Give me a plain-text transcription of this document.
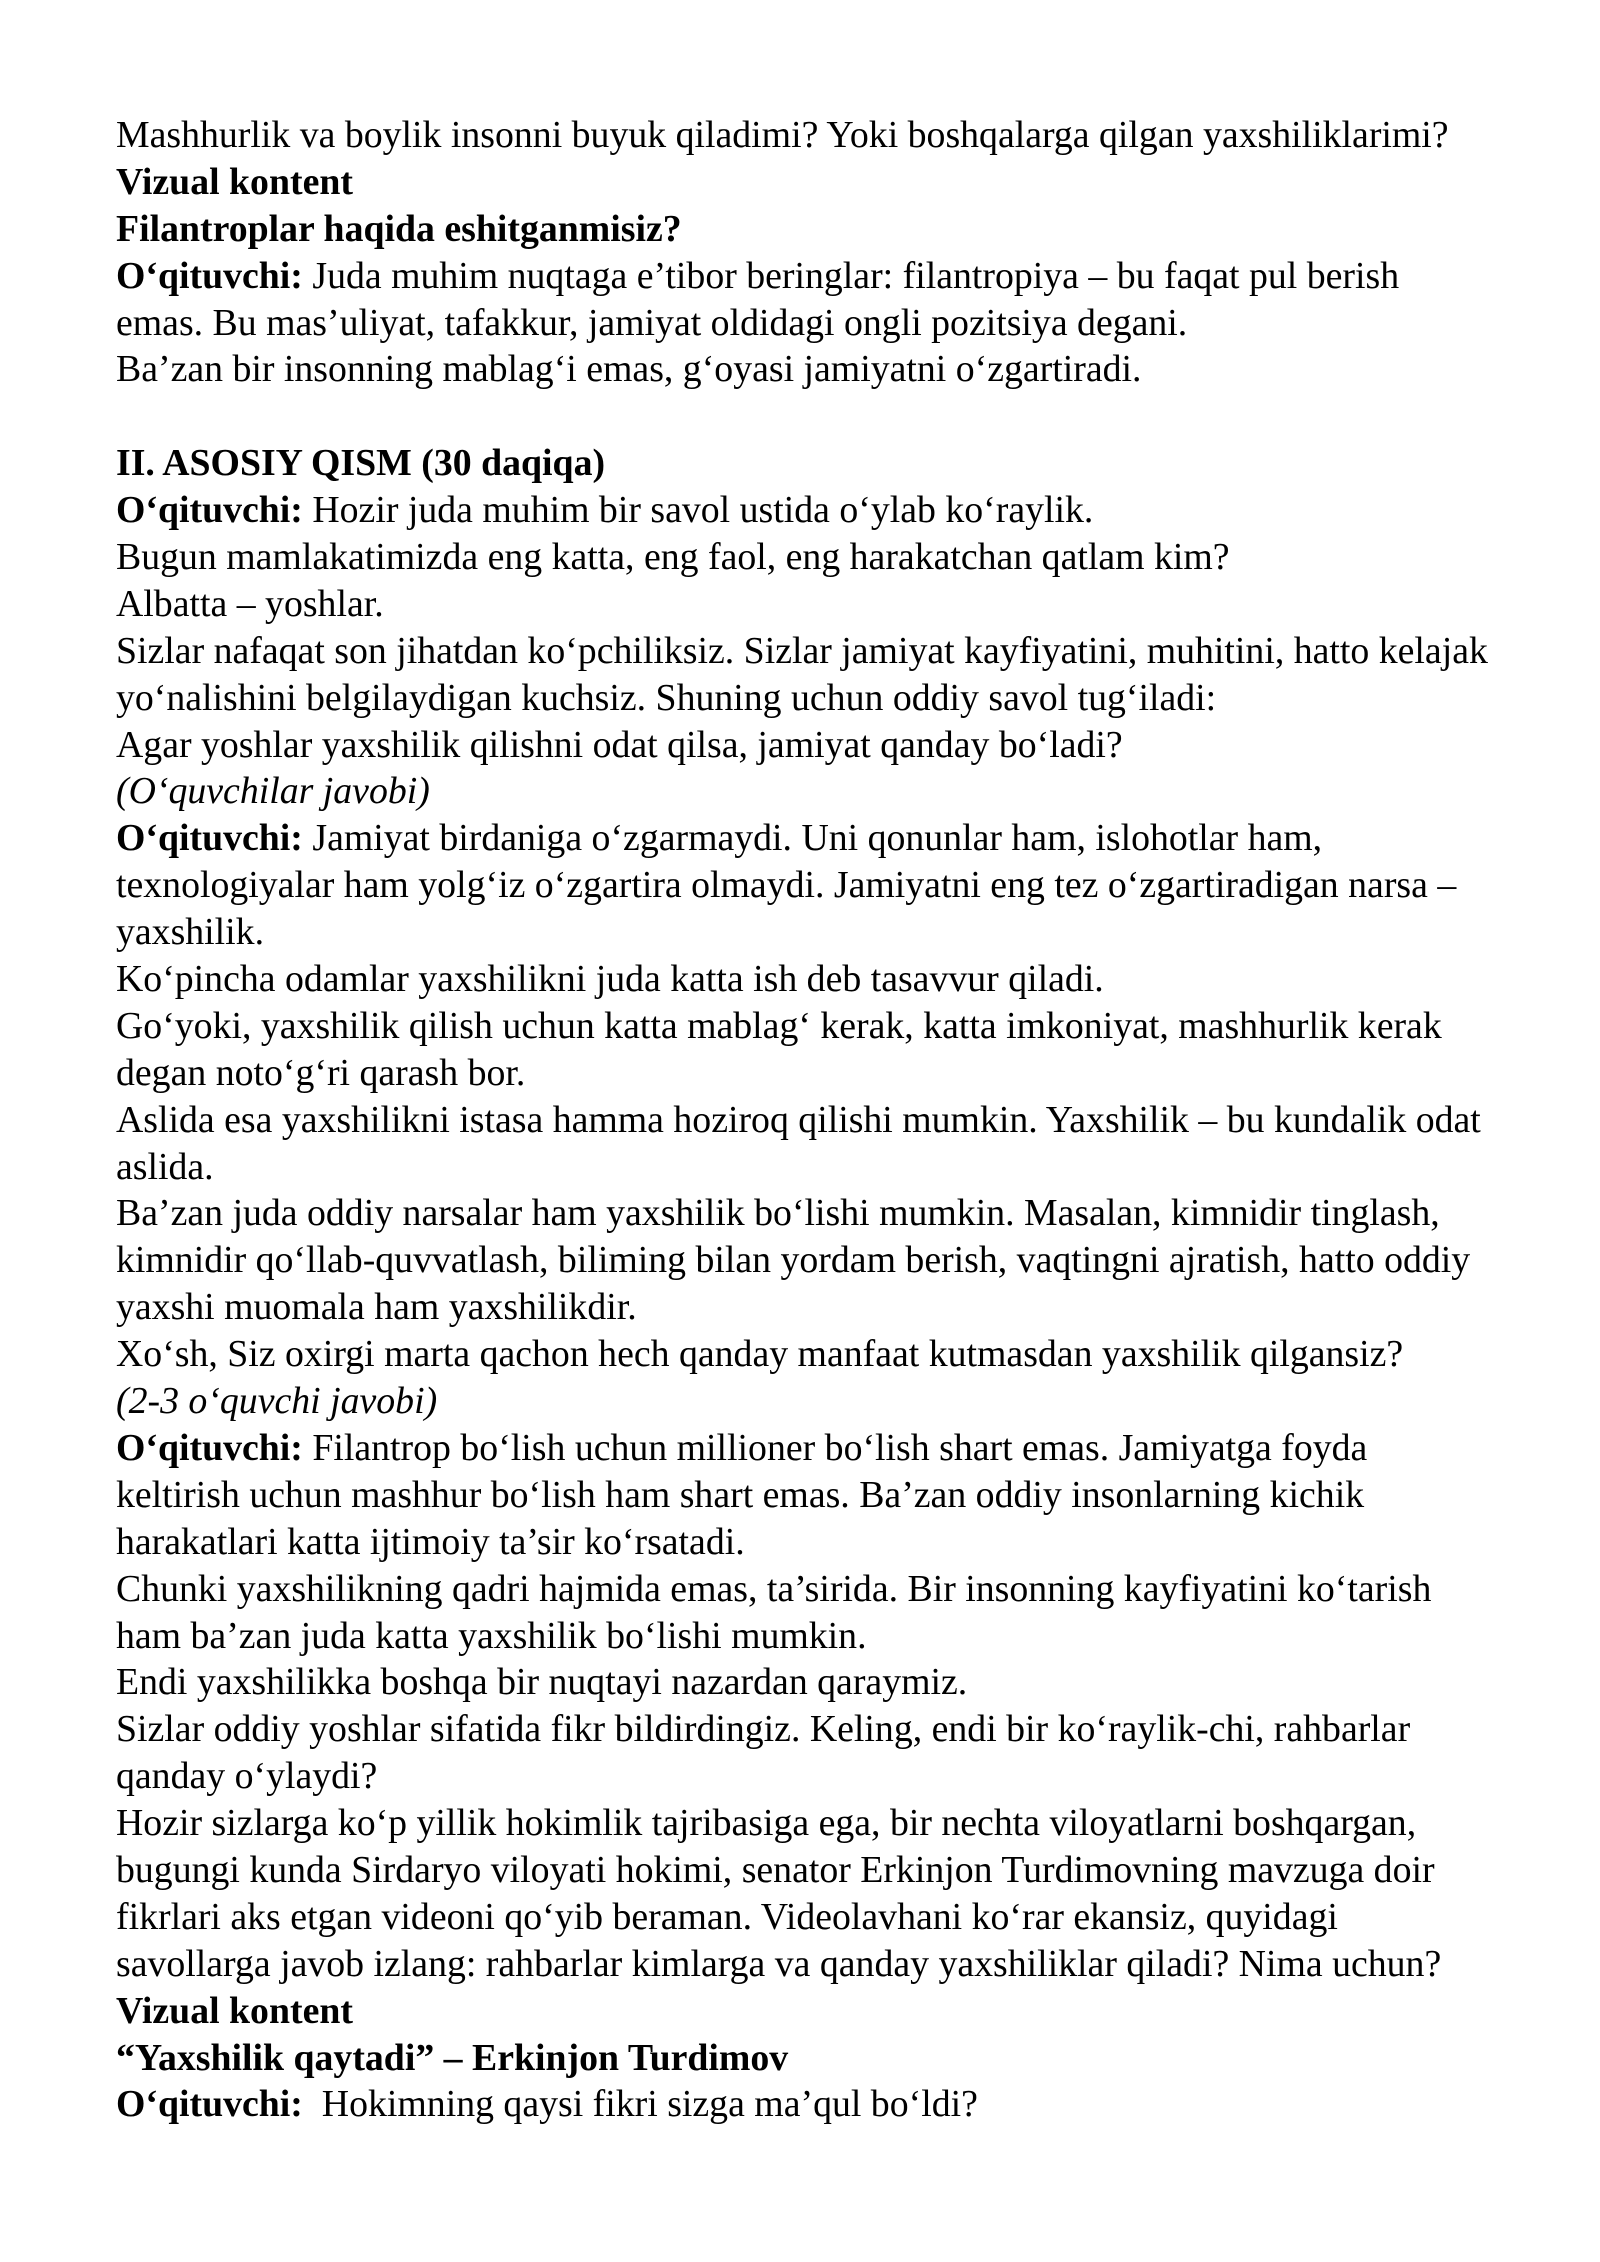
Mashhurlik va boylik insonni buyuk qiladimi? Yoki boshqalarga qilgan yaxshiliklarimi?
Vizual kontent
Filantroplar haqida eshitganmisiz?
O‘qituvchi: Juda muhim nuqtaga e’tibor beringlar: filantropiya – bu faqat pul berish
emas. Bu mas’uliyat, tafakkur, jamiyat oldidagi ongli pozitsiya degani.
Ba’zan bir insonning mablag‘i emas, g‘oyasi jamiyatni o‘zgartiradi.
II. ASOSIY QISM (30 daqiqa)
O‘qituvchi: Hozir juda muhim bir savol ustida o‘ylab ko‘raylik.
Bugun mamlakatimizda eng katta, eng faol, eng harakatchan qatlam kim?
Albatta – yoshlar.
Sizlar nafaqat son jihatdan ko‘pchiliksiz. Sizlar jamiyat kayfiyatini, muhitini, hatto kelajak
yo‘nalishini belgilaydigan kuchsiz. Shuning uchun oddiy savol tug‘iladi:
Agar yoshlar yaxshilik qilishni odat qilsa, jamiyat qanday bo‘ladi?
(O‘quvchilar javobi)
O‘qituvchi: Jamiyat birdaniga o‘zgarmaydi. Uni qonunlar ham, islohotlar ham,
texnologiyalar ham yolg‘iz o‘zgartira olmaydi. Jamiyatni eng tez o‘zgartiradigan narsa –
yaxshilik.
Ko‘pincha odamlar yaxshilikni juda katta ish deb tasavvur qiladi.
Go‘yoki, yaxshilik qilish uchun katta mablag‘ kerak, katta imkoniyat, mashhurlik kerak
degan noto‘g‘ri qarash bor.
Aslida esa yaxshilikni istasa hamma hoziroq qilishi mumkin. Yaxshilik – bu kundalik odat
aslida.
Ba’zan juda oddiy narsalar ham yaxshilik bo‘lishi mumkin. Masalan, kimnidir tinglash,
kimnidir qo‘llab-quvvatlash, biliming bilan yordam berish, vaqtingni ajratish, hatto oddiy
yaxshi muomala ham yaxshilikdir.
Xo‘sh, Siz oxirgi marta qachon hech qanday manfaat kutmasdan yaxshilik qilgansiz?
(2-3 o‘quvchi javobi)
O‘qituvchi: Filantrop bo‘lish uchun millioner bo‘lish shart emas. Jamiyatga foyda
keltirish uchun mashhur bo‘lish ham shart emas. Ba’zan oddiy insonlarning kichik
harakatlari katta ijtimoiy ta’sir ko‘rsatadi.
Chunki yaxshilikning qadri hajmida emas, ta’sirida. Bir insonning kayfiyatini ko‘tarish
ham ba’zan juda katta yaxshilik bo‘lishi mumkin.
Endi yaxshilikka boshqa bir nuqtayi nazardan qaraymiz.
Sizlar oddiy yoshlar sifatida fikr bildirdingiz. Keling, endi bir ko‘raylik-chi, rahbarlar
qanday o‘ylaydi?
Hozir sizlarga ko‘p yillik hokimlik tajribasiga ega, bir nechta viloyatlarni boshqargan,
bugungi kunda Sirdaryo viloyati hokimi, senator Erkinjon Turdimovning mavzuga doir
fikrlari aks etgan videoni qo‘yib beraman. Videolavhani ko‘rar ekansiz, quyidagi
savollarga javob izlang: rahbarlar kimlarga va qanday yaxshiliklar qiladi? Nima uchun?
Vizual kontent
“Yaxshilik qaytadi” – Erkinjon Turdimov
O‘qituvchi: Hokimning qaysi fikri sizga ma’qul bo‘ldi?
